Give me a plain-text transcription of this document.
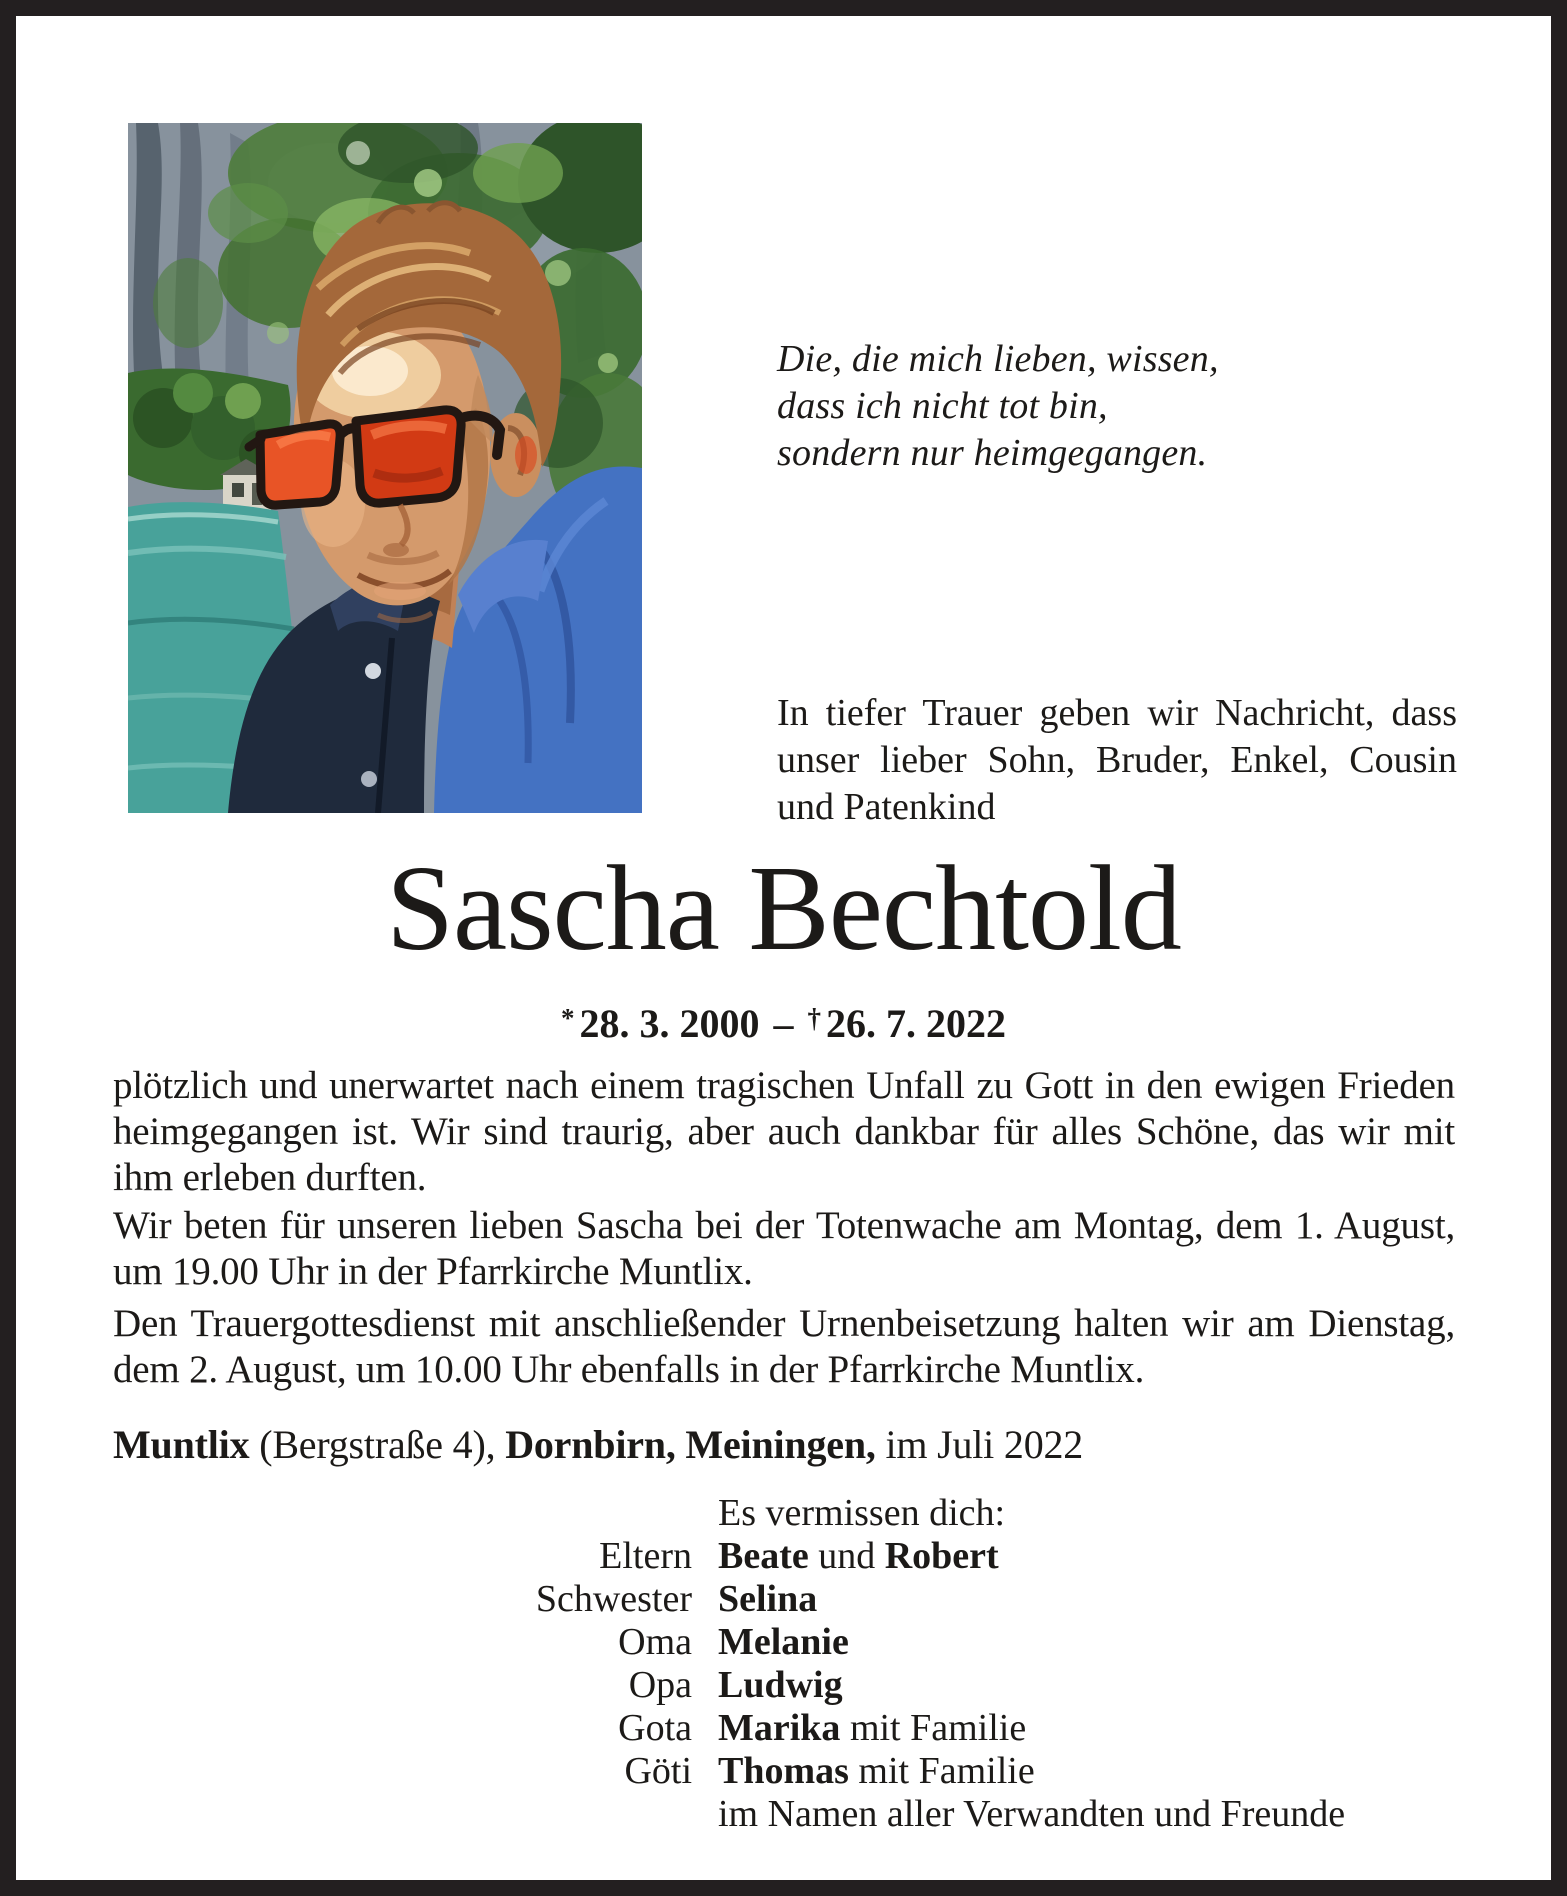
Die, die mich lieben, wissen,
dass ich nicht tot bin,
sondern nur heimgegangen.

In tiefer Trauer geben wir Nachricht, dass unser lieber Sohn, Bruder, Enkel, Cousin und Patenkind

Sascha Bechtold
* 28. 3. 2000 – † 26. 7. 2022

plötzlich und unerwartet nach einem tragischen Unfall zu Gott in den ewigen Frieden heimgegangen ist. Wir sind traurig, aber auch dankbar für alles Schöne, das wir mit ihm erleben durften.

Wir beten für unseren lieben Sascha bei der Totenwache am Montag, dem 1. August, um 19.00 Uhr in der Pfarrkirche Muntlix.

Den Trauergottesdienst mit anschließender Urnenbeisetzung halten wir am Dienstag, dem 2. August, um 10.00 Uhr ebenfalls in der Pfarrkirche Muntlix.

Muntlix (Bergstraße 4), Dornbirn, Meiningen, im Juli 2022
Es vermissen dich:
Eltern Beate und Robert
Schwester Selina
Oma Melanie
Opa Ludwig
Gota Marika mit Familie
Göti Thomas mit Familie
im Namen aller Verwandten und Freunde
